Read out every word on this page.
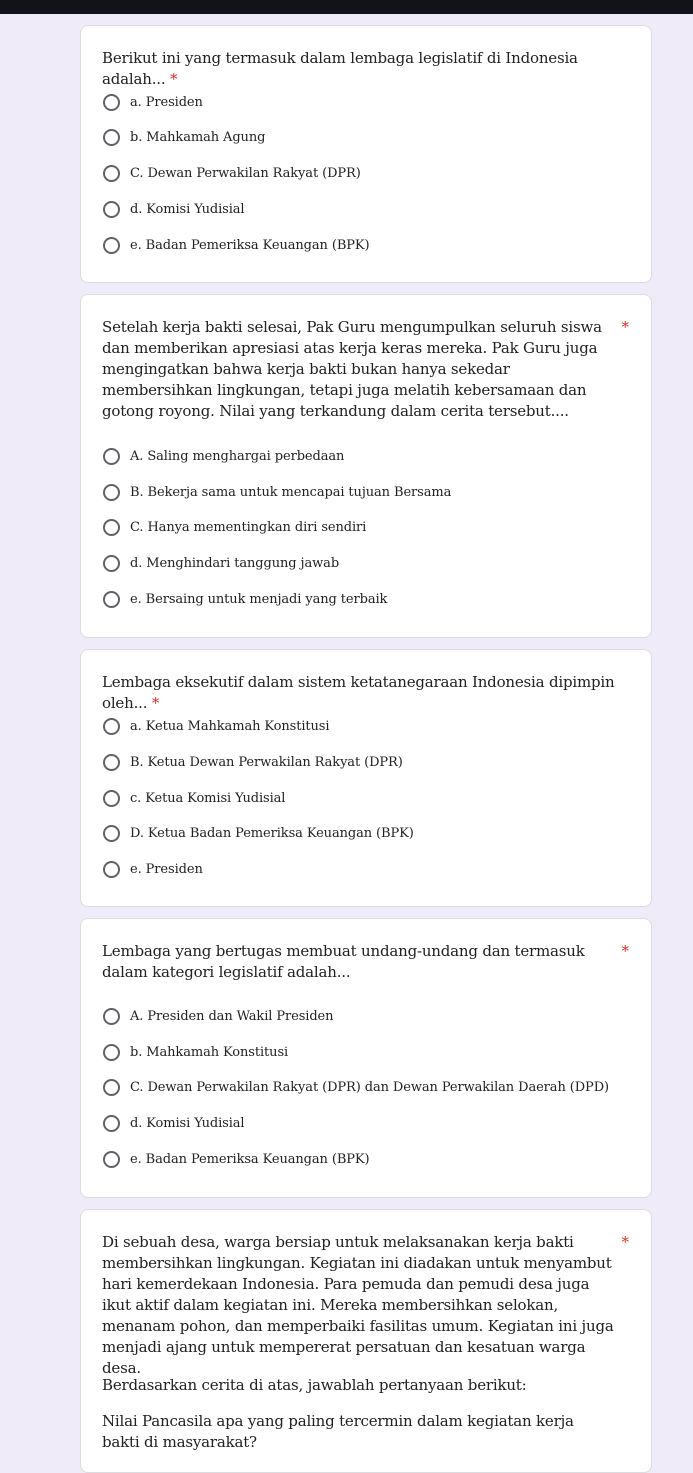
Berikut ini yang termasuk dalam lembaga legislatif di Indonesia adalah... *
a. Presiden
b. Mahkamah Agung
C. Dewan Perwakilan Rakyat (DPR)
d. Komisi Yudisial
e. Badan Pemeriksa Keuangan (BPK)
Setelah kerja bakti selesai, Pak Guru mengumpulkan seluruh siswa dan memberikan apresiasi atas kerja keras mereka. Pak Guru juga mengingatkan bahwa kerja bakti bukan hanya sekedar membersihkan lingkungan, tetapi juga melatih kebersamaan dan gotong royong. Nilai yang terkandung dalam cerita tersebut....
*
A. Saling menghargai perbedaan
B. Bekerja sama untuk mencapai tujuan Bersama
C. Hanya mementingkan diri sendiri
d. Menghindari tanggung jawab
e. Bersaing untuk menjadi yang terbaik
Lembaga eksekutif dalam sistem ketatanegaraan Indonesia dipimpin oleh... *
a. Ketua Mahkamah Konstitusi
B. Ketua Dewan Perwakilan Rakyat (DPR)
c. Ketua Komisi Yudisial
D. Ketua Badan Pemeriksa Keuangan (BPK)
e. Presiden
Lembaga yang bertugas membuat undang-undang dan termasuk dalam kategori legislatif adalah...
*
A. Presiden dan Wakil Presiden
b. Mahkamah Konstitusi
C. Dewan Perwakilan Rakyat (DPR) dan Dewan Perwakilan Daerah (DPD)
d. Komisi Yudisial
e. Badan Pemeriksa Keuangan (BPK)
Di sebuah desa, warga bersiap untuk melaksanakan kerja bakti membersihkan lingkungan. Kegiatan ini diadakan untuk menyambut hari kemerdekaan Indonesia. Para pemuda dan pemudi desa juga ikut aktif dalam kegiatan ini. Mereka membersihkan selokan, menanam pohon, dan memperbaiki fasilitas umum. Kegiatan ini juga menjadi ajang untuk mempererat persatuan dan kesatuan warga desa.
*
Berdasarkan cerita di atas, jawablah pertanyaan berikut:
Nilai Pancasila apa yang paling tercermin dalam kegiatan kerja bakti di masyarakat?
